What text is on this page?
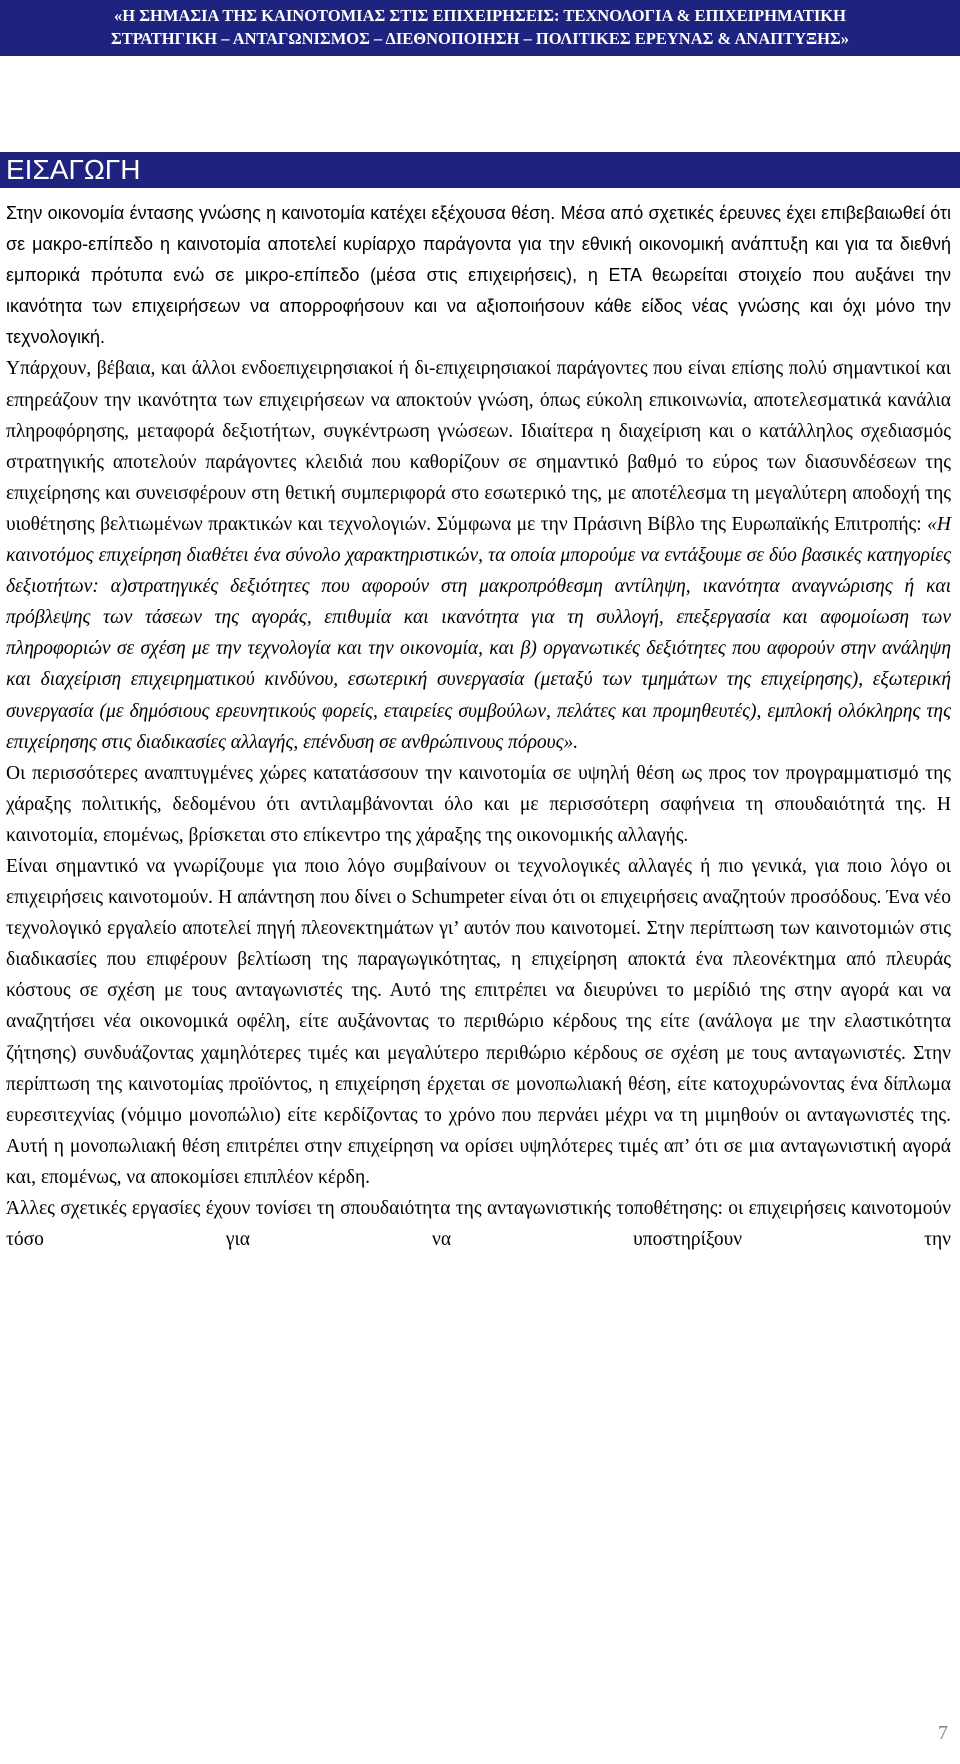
«Η ΣΗΜΑΣΙΑ ΤΗΣ ΚΑΙΝΟΤΟΜΙΑΣ ΣΤΙΣ ΕΠΙΧΕΙΡΗΣΕΙΣ: ΤΕΧΝΟΛΟΓΙΑ & ΕΠΙΧΕΙΡΗΜΑΤΙΚΗ
ΣΤΡΑΤΗΓΙΚΗ – ΑΝΤΑΓΩΝΙΣΜΟΣ – ΔΙΕΘΝΟΠΟΙΗΣΗ – ΠΟΛΙΤΙΚΕΣ ΕΡΕΥΝΑΣ & ΑΝΑΠΤΥΞΗΣ»
ΕΙΣΑΓΩΓΗ

Στην οικονομία έντασης γνώσης η καινοτομία κατέχει εξέχουσα θέση. Μέσα από σχετικές έρευνες έχει επιβεβαιωθεί ότι σε μακρο-επίπεδο η καινοτομία αποτελεί κυρίαρχο παράγοντα για την εθνική οικονομική ανάπτυξη και για τα διεθνή εμπορικά πρότυπα ενώ σε μικρο-επίπεδο (μέσα στις επιχειρήσεις), η ΕΤΑ θεωρείται στοιχείο που αυξάνει την ικανότητα των επιχειρήσεων να απορροφήσουν και να αξιοποιήσουν κάθε είδος νέας γνώσης και όχι μόνο την τεχνολογική.

Υπάρχουν, βέβαια, και άλλοι ενδοεπιχειρησιακοί ή δι-επιχειρησιακοί παράγοντες που είναι επίσης πολύ σημαντικοί και επηρεάζουν την ικανότητα των επιχειρήσεων να αποκτούν γνώση, όπως εύκολη επικοινωνία, αποτελεσματικά κανάλια πληροφόρησης, μεταφορά δεξιοτήτων, συγκέντρωση γνώσεων. Ιδιαίτερα η διαχείριση και ο κατάλληλος σχεδιασμός στρατηγικής αποτελούν παράγοντες κλειδιά που καθορίζουν σε σημαντικό βαθμό το εύρος των διασυνδέσεων της επιχείρησης και συνεισφέρουν στη θετική συμπεριφορά στο εσωτερικό της, με αποτέλεσμα τη μεγαλύτερη αποδοχή της υιοθέτησης βελτιωμένων πρακτικών και τεχνολογιών. Σύμφωνα με την Πράσινη Βίβλο της Ευρωπαϊκής Επιτροπής: «Η καινοτόμος επιχείρηση διαθέτει ένα σύνολο χαρακτηριστικών, τα οποία μπορούμε να εντάξουμε σε δύο βασικές κατηγορίες δεξιοτήτων: α)στρατηγικές δεξιότητες που αφορούν στη μακροπρόθεσμη αντίληψη, ικανότητα αναγνώρισης ή και πρόβλεψης των τάσεων της αγοράς, επιθυμία και ικανότητα για τη συλλογή, επεξεργασία και αφομοίωση των πληροφοριών σε σχέση με την τεχνολογία και την οικονομία, και β) οργανωτικές δεξιότητες που αφορούν στην ανάληψη και διαχείριση επιχειρηματικού κινδύνου, εσωτερική συνεργασία (μεταξύ των τμημάτων της επιχείρησης), εξωτερική συνεργασία (με δημόσιους ερευνητικούς φορείς, εταιρείες συμβούλων, πελάτες και προμηθευτές), εμπλοκή ολόκληρης της επιχείρησης στις διαδικασίες αλλαγής, επένδυση σε ανθρώπινους πόρους».

Οι περισσότερες αναπτυγμένες χώρες κατατάσσουν την καινοτομία σε υψηλή θέση ως προς τον προγραμματισμό της χάραξης πολιτικής, δεδομένου ότι αντιλαμβάνονται όλο και με περισσότερη σαφήνεια τη σπουδαιότητά της. Η καινοτομία, επομένως, βρίσκεται στο επίκεντρο της χάραξης της οικονομικής αλλαγής.

Είναι σημαντικό να γνωρίζουμε για ποιο λόγο συμβαίνουν οι τεχνολογικές αλλαγές ή πιο γενικά, για ποιο λόγο οι επιχειρήσεις καινοτομούν. Η απάντηση που δίνει ο Schumpeter είναι ότι οι επιχειρήσεις αναζητούν προσόδους. Ένα νέο τεχνολογικό εργαλείο αποτελεί πηγή πλεονεκτημάτων γι’ αυτόν που καινοτομεί. Στην περίπτωση των καινοτομιών στις διαδικασίες που επιφέρουν βελτίωση της παραγωγικότητας, η επιχείρηση αποκτά ένα πλεονέκτημα από πλευράς κόστους σε σχέση με τους ανταγωνιστές της. Αυτό της επιτρέπει να διευρύνει το μερίδιό της στην αγορά και να αναζητήσει νέα οικονομικά οφέλη, είτε αυξάνοντας το περιθώριο κέρδους της είτε (ανάλογα με την ελαστικότητα ζήτησης) συνδυάζοντας χαμηλότερες τιμές και μεγαλύτερο περιθώριο κέρδους σε σχέση με τους ανταγωνιστές. Στην περίπτωση της καινοτομίας προϊόντος, η επιχείρηση έρχεται σε μονοπωλιακή θέση, είτε κατοχυρώνοντας ένα δίπλωμα ευρεσιτεχνίας (νόμιμο μονοπώλιο) είτε κερδίζοντας το χρόνο που περνάει μέχρι να τη μιμηθούν οι ανταγωνιστές της. Αυτή η μονοπωλιακή θέση επιτρέπει στην επιχείρηση να ορίσει υψηλότερες τιμές απ’ ότι σε μια ανταγωνιστική αγορά και, επομένως, να αποκομίσει επιπλέον κέρδη.

Άλλες σχετικές εργασίες έχουν τονίσει τη σπουδαιότητα της ανταγωνιστικής τοποθέτησης: οι επιχειρήσεις καινοτομούν τόσο για να υποστηρίξουν την

7
